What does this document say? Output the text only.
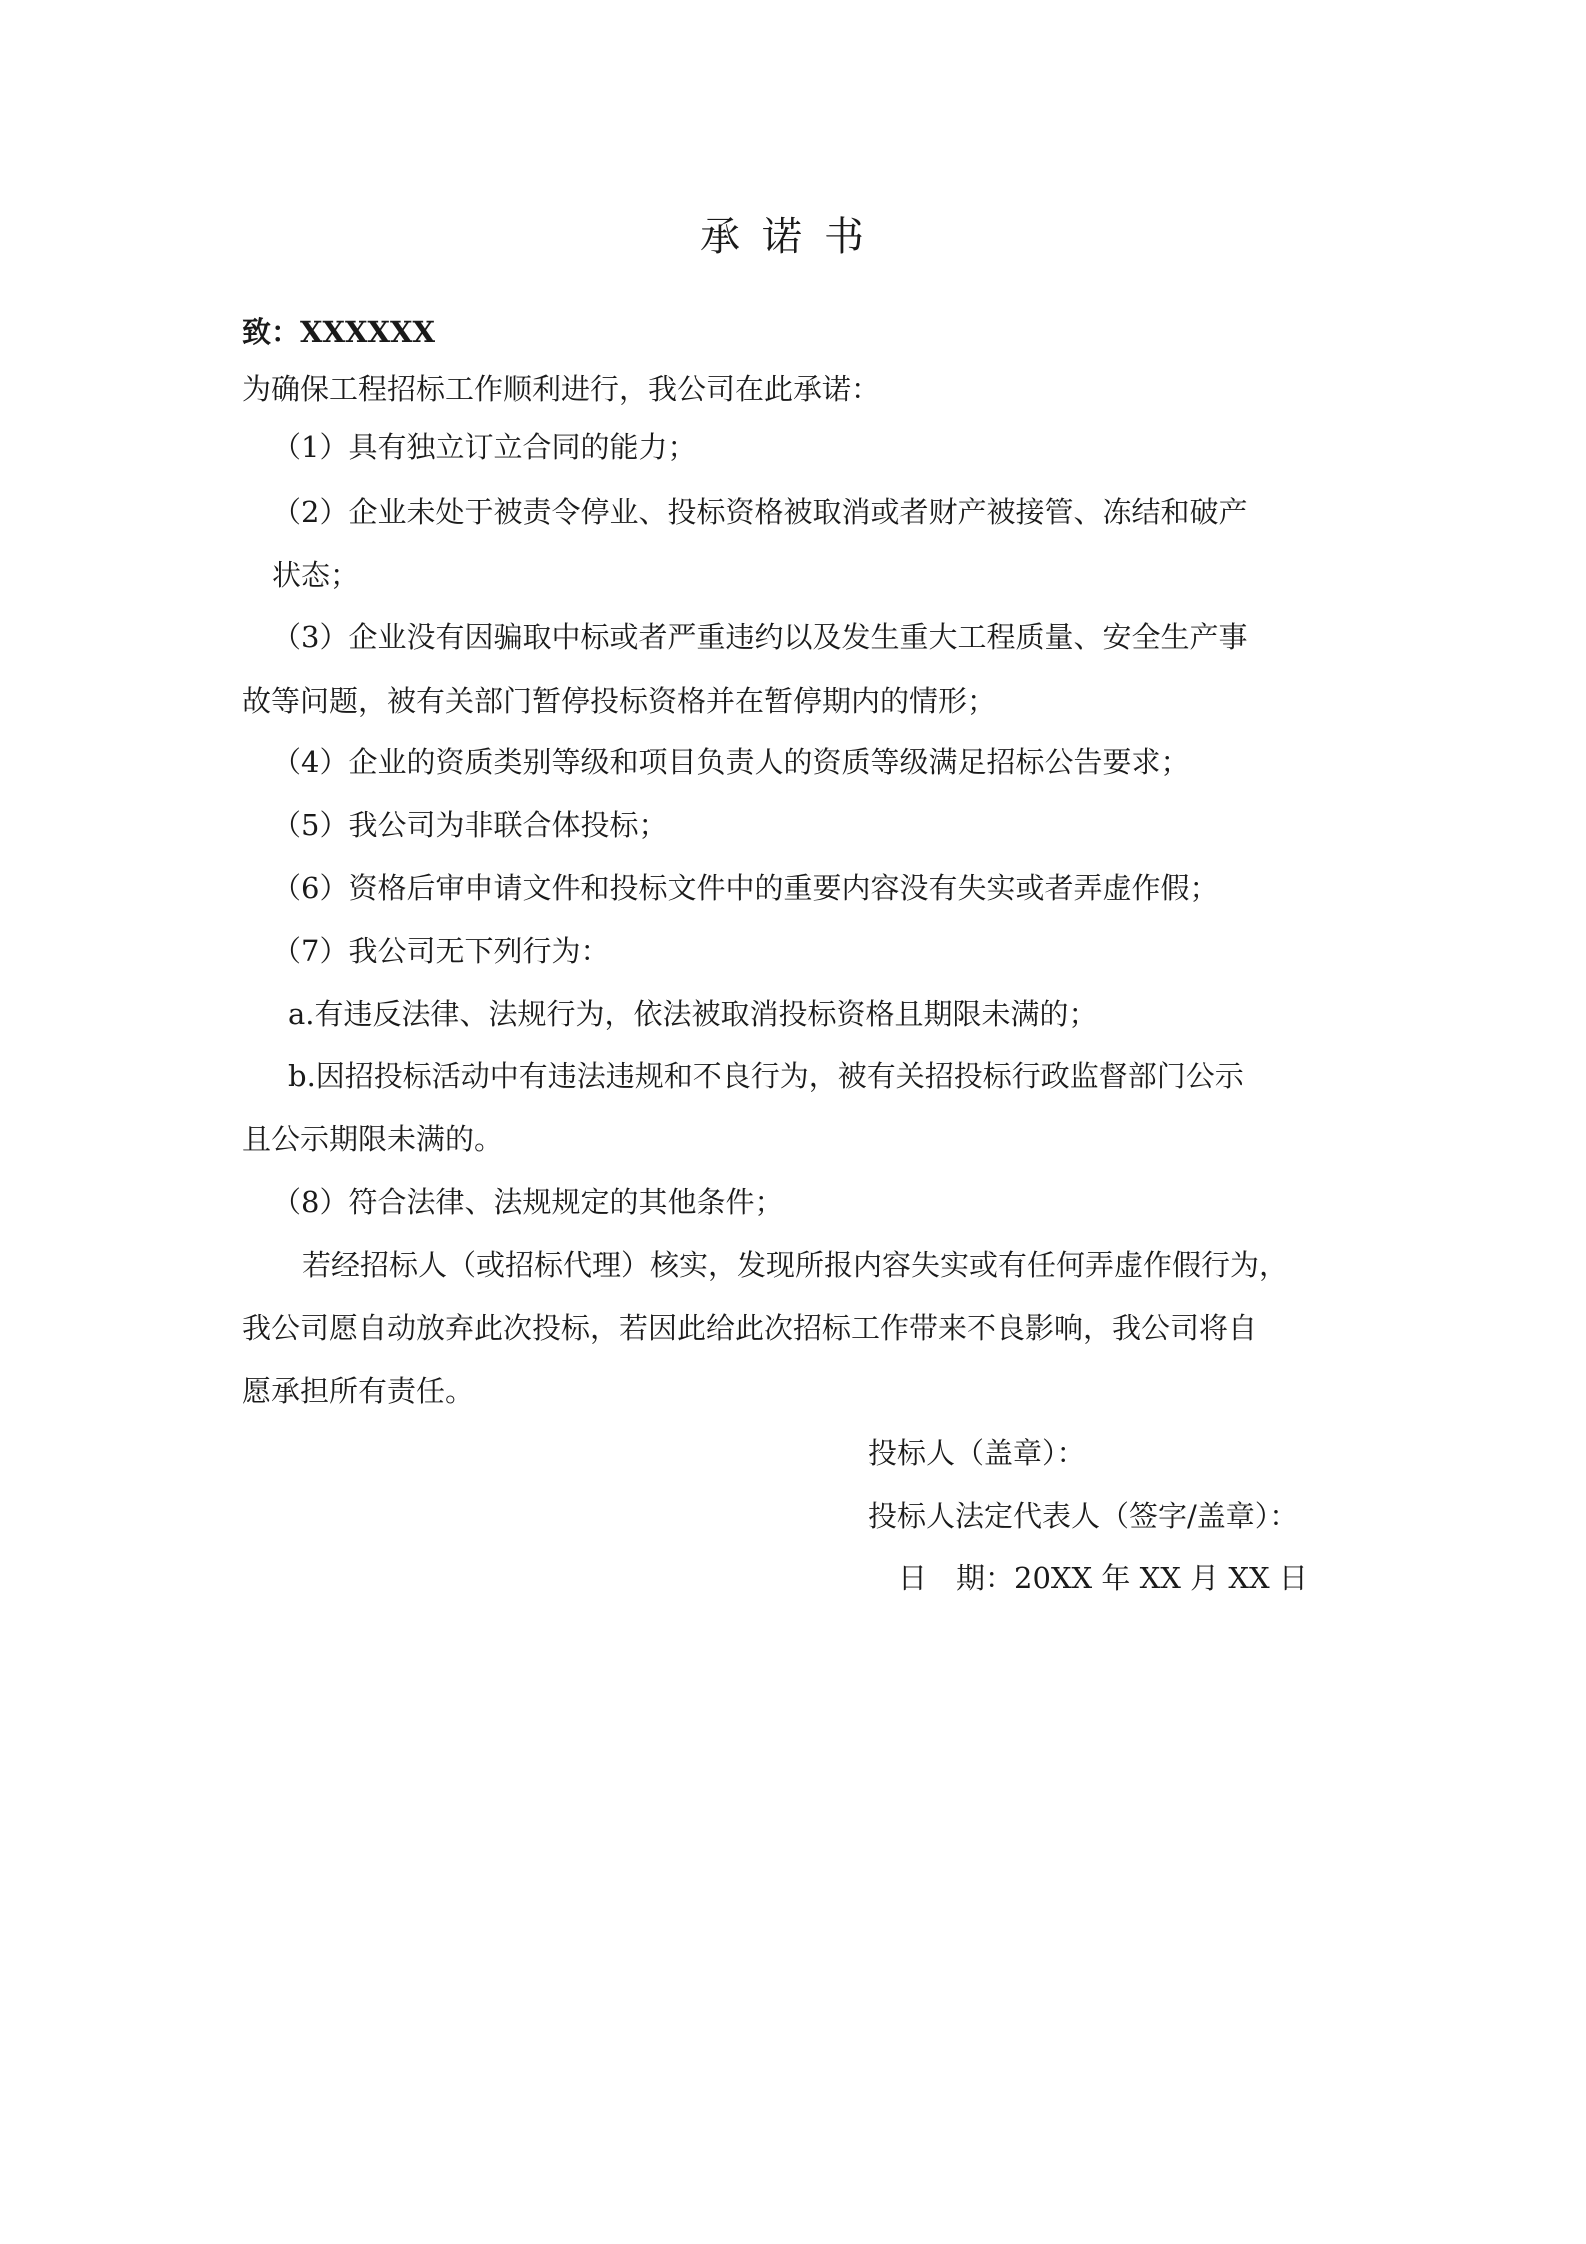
承诺书
致：XXXXXX
为确保工程招标工作顺利进行，我公司在此承诺：
（1）具有独立订立合同的能力；
（2）企业未处于被责令停业、投标资格被取消或者财产被接管、冻结和破产
状态；
（3）企业没有因骗取中标或者严重违约以及发生重大工程质量、安全生产事
故等问题，被有关部门暂停投标资格并在暂停期内的情形；
（4）企业的资质类别等级和项目负责人的资质等级满足招标公告要求；
（5）我公司为非联合体投标；
（6）资格后审申请文件和投标文件中的重要内容没有失实或者弄虚作假；
（7）我公司无下列行为：
a.有违反法律、法规行为，依法被取消投标资格且期限未满的；
b.因招投标活动中有违法违规和不良行为，被有关招投标行政监督部门公示
且公示期限未满的。
（8）符合法律、法规规定的其他条件；
若经招标人（或招标代理）核实，发现所报内容失实或有任何弄虚作假行为，
我公司愿自动放弃此次投标，若因此给此次招标工作带来不良影响，我公司将自
愿承担所有责任。
投标人（盖章）：
投标人法定代表人（签字/盖章）：
日　期：20XX 年 XX 月 XX 日
